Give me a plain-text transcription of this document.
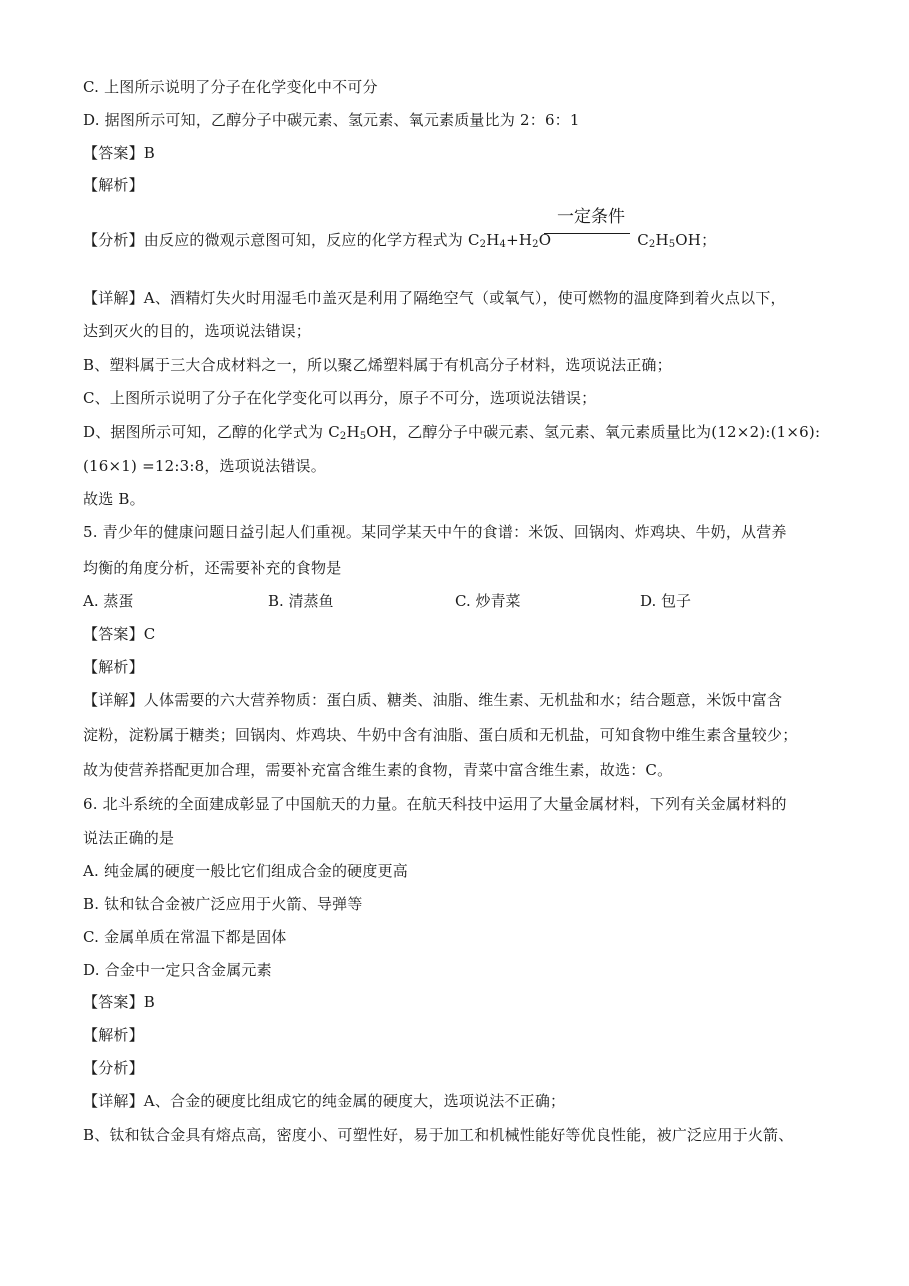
C. 上图所示说明了分子在化学变化中不可分
D. 据图所示可知，乙醇分子中碳元素、氢元素、氧元素质量比为 2：6：1
【答案】B
【解析】
【分析】由反应的微观示意图可知，反应的化学方程式为 $C_2H_4+H_2O$	$C_2H_5OH$；
一定条件
【详解】A、酒精灯失火时用湿毛巾盖灭是利用了隔绝空气（或氧气），使可燃物的温度降到着火点以下，
达到灭火的目的，选项说法错误；
B、塑料属于三大合成材料之一，所以聚乙烯塑料属于有机高分子材料，选项说法正确；
C、上图所示说明了分子在化学变化可以再分，原子不可分，选项说法错误；
D、据图所示可知，乙醇的化学式为 $C_2H_5OH$，乙醇分子中碳元素、氢元素、氧元素质量比为(12×2):(1×6):
(16×1) =12:3:8，选项说法错误。
故选 B。
5. 青少年的健康问题日益引起人们重视。某同学某天中午的食谱：米饭、回锅肉、炸鸡块、牛奶，从营养
均衡的角度分析，还需要补充的食物是
A. 蒸蛋	B. 清蒸鱼	C. 炒青菜	D. 包子
【答案】C
【解析】
【详解】人体需要的六大营养物质：蛋白质、糖类、油脂、维生素、无机盐和水；结合题意，米饭中富含
淀粉，淀粉属于糖类；回锅肉、炸鸡块、牛奶中含有油脂、蛋白质和无机盐，可知食物中维生素含量较少；
故为使营养搭配更加合理，需要补充富含维生素的食物，青菜中富含维生素，故选：C。
6. 北斗系统的全面建成彰显了中国航天的力量。在航天科技中运用了大量金属材料，下列有关金属材料的
说法正确的是
A. 纯金属的硬度一般比它们组成合金的硬度更高
B. 钛和钛合金被广泛应用于火箭、导弹等
C. 金属单质在常温下都是固体
D. 合金中一定只含金属元素
【答案】B
【解析】
【分析】
【详解】A、合金的硬度比组成它的纯金属的硬度大，选项说法不正确；
B、钛和钛合金具有熔点高，密度小、可塑性好，易于加工和机械性能好等优良性能，被广泛应用于火箭、
